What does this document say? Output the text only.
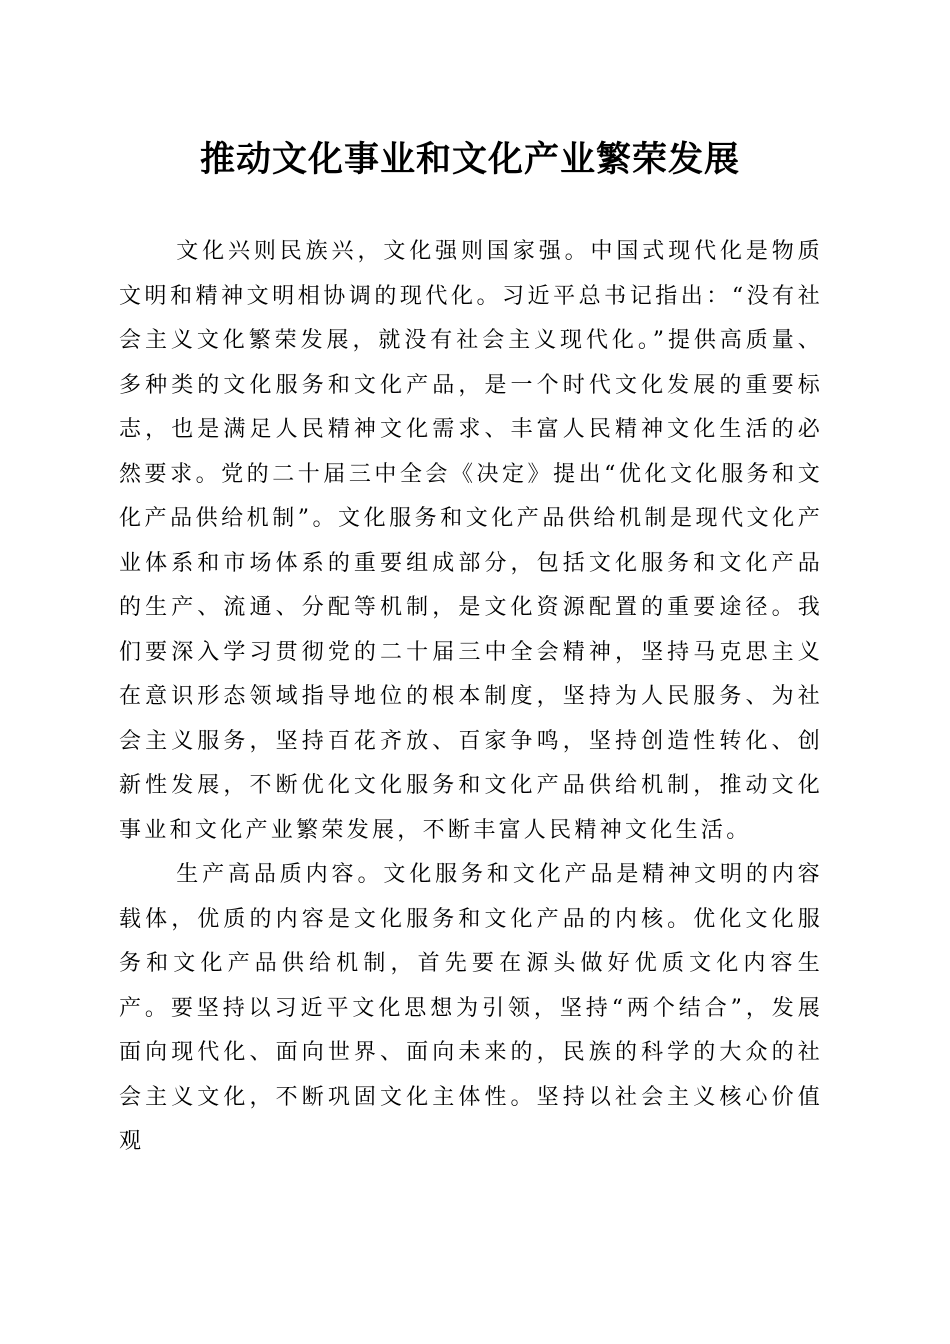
推动文化事业和文化产业繁荣发展

文化兴则民族兴，文化强则国家强。中国式现代化是物质文明和精神文明相协调的现代化。习近平总书记指出：“没有社会主义文化繁荣发展，就没有社会主义现代化。”提供高质量、多种类的文化服务和文化产品，是一个时代文化发展的重要标志，也是满足人民精神文化需求、丰富人民精神文化生活的必然要求。党的二十届三中全会《决定》提出“优化文化服务和文化产品供给机制”。文化服务和文化产品供给机制是现代文化产业体系和市场体系的重要组成部分，包括文化服务和文化产品的生产、流通、分配等机制，是文化资源配置的重要途径。我们要深入学习贯彻党的二十届三中全会精神，坚持马克思主义在意识形态领域指导地位的根本制度，坚持为人民服务、为社会主义服务，坚持百花齐放、百家争鸣，坚持创造性转化、创新性发展，不断优化文化服务和文化产品供给机制，推动文化事业和文化产业繁荣发展，不断丰富人民精神文化生活。

生产高品质内容。文化服务和文化产品是精神文明的内容载体，优质的内容是文化服务和文化产品的内核。优化文化服务和文化产品供给机制，首先要在源头做好优质文化内容生产。要坚持以习近平文化思想为引领，坚持“两个结合”，发展面向现代化、面向世界、面向未来的，民族的科学的大众的社会主义文化，不断巩固文化主体性。坚持以社会主义核心价值观
